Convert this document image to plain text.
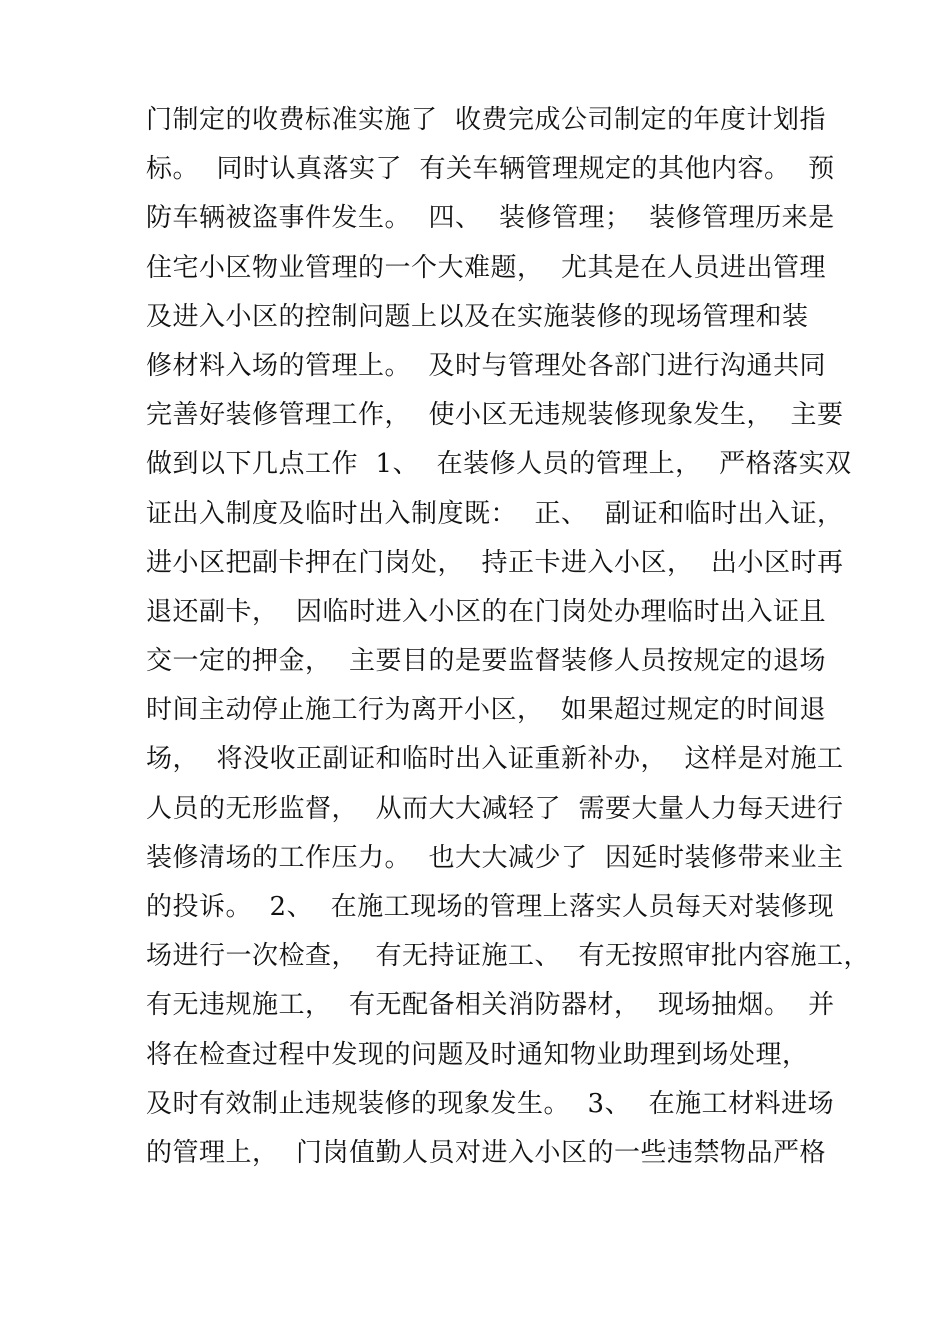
门制定的收费标准实施了  收费完成公司制定的年度计划指
标。  同时认真落实了  有关车辆管理规定的其他内容。  预
防车辆被盗事件发生。  四、  装修管理；  装修管理历来是
住宅小区物业管理的一个大难题，  尤其是在人员进出管理
及进入小区的控制问题上以及在实施装修的现场管理和装
修材料入场的管理上。  及时与管理处各部门进行沟通共同
完善好装修管理工作，  使小区无违规装修现象发生，  主要
做到以下几点工作  1、  在装修人员的管理上，  严格落实双
证出入制度及临时出入制度既：  正、  副证和临时出入证，
进小区把副卡押在门岗处，  持正卡进入小区，  出小区时再
退还副卡，  因临时进入小区的在门岗处办理临时出入证且
交一定的押金，  主要目的是要监督装修人员按规定的退场
时间主动停止施工行为离开小区，  如果超过规定的时间退
场，  将没收正副证和临时出入证重新补办，  这样是对施工
人员的无形监督，  从而大大减轻了  需要大量人力每天进行
装修清场的工作压力。  也大大减少了  因延时装修带来业主
的投诉。  2、  在施工现场的管理上落实人员每天对装修现
场进行一次检查，  有无持证施工、  有无按照审批内容施工，
有无违规施工，  有无配备相关消防器材，  现场抽烟。  并
将在检查过程中发现的问题及时通知物业助理到场处理，
及时有效制止违规装修的现象发生。  3、  在施工材料进场
的管理上，  门岗值勤人员对进入小区的一些违禁物品严格
